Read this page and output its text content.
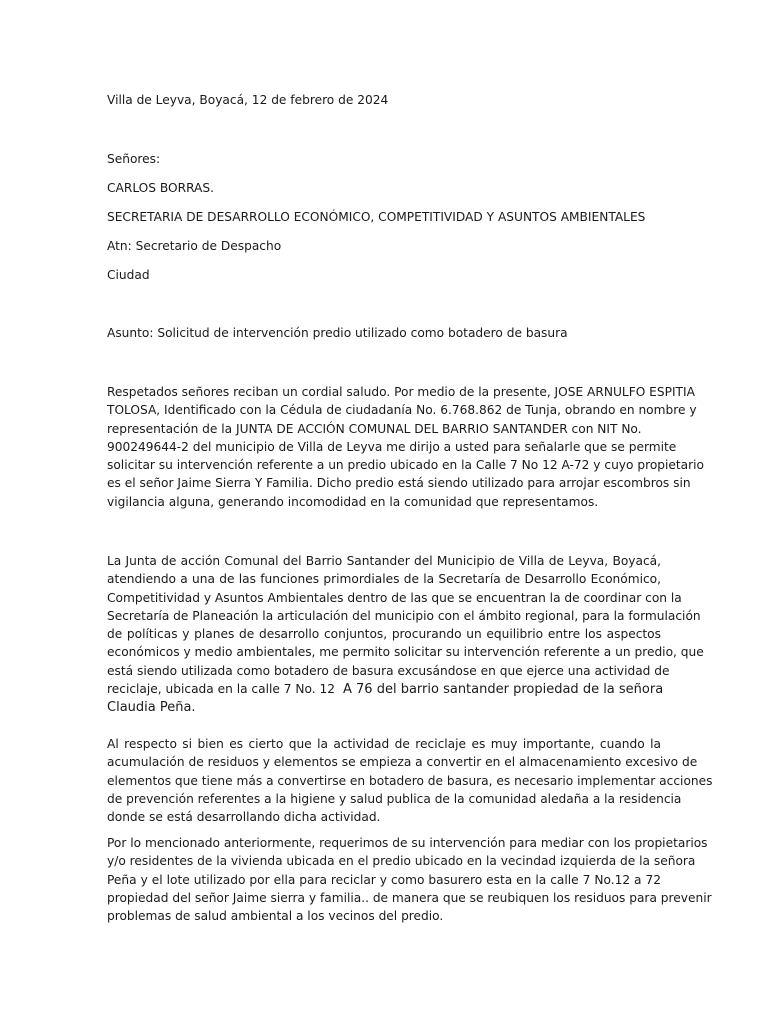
Villa de Leyva, Boyacá, 12 de febrero de 2024
Señores:
CARLOS BORRAS.
SECRETARIA DE DESARROLLO ECONÓMICO, COMPETITIVIDAD Y ASUNTOS AMBIENTALES
Atn: Secretario de Despacho
Ciudad
Asunto: Solicitud de intervención predio utilizado como botadero de basura
Respetados señores reciban un cordial saludo. Por medio de la presente, JOSE ARNULFO ESPITIA
TOLOSA, Identificado con la Cédula de ciudadanía No. 6.768.862 de Tunja, obrando en nombre y
representación de la JUNTA DE ACCIÓN COMUNAL DEL BARRIO SANTANDER con NIT No.
900249644-2 del municipio de Villa de Leyva me dirijo a usted para señalarle que se permite
solicitar su intervención referente a un predio ubicado en la Calle 7 No 12 A-72 y cuyo propietario
es el señor Jaime Sierra Y Familia. Dicho predio está siendo utilizado para arrojar escombros sin
vigilancia alguna, generando incomodidad en la comunidad que representamos.
La Junta de acción Comunal del Barrio Santander del Municipio de Villa de Leyva, Boyacá,
atendiendo a una de las funciones primordiales de la Secretaría de Desarrollo Económico,
Competitividad y Asuntos Ambientales dentro de las que se encuentran la de coordinar con la
Secretaría de Planeación la articulación del municipio con el ámbito regional, para la formulación
de políticas y planes de desarrollo conjuntos, procurando un equilibrio entre los aspectos
económicos y medio ambientales, me permito solicitar su intervención referente a un predio, que
está siendo utilizada como botadero de basura excusándose en que ejerce una actividad de
reciclaje, ubicada en la calle 7 No. 12  A 76 del barrio santander propiedad de la señora
Claudia Peña.
Al respecto si bien es cierto que la actividad de reciclaje es muy importante, cuando la
acumulación de residuos y elementos se empieza a convertir en el almacenamiento excesivo de
elementos que tiene más a convertirse en botadero de basura, es necesario implementar acciones
de prevención referentes a la higiene y salud publica de la comunidad aledaña a la residencia
donde se está desarrollando dicha actividad.
Por lo mencionado anteriormente, requerimos de su intervención para mediar con los propietarios
y/o residentes de la vivienda ubicada en el predio ubicado en la vecindad izquierda de la señora
Peña y el lote utilizado por ella para reciclar y como basurero esta en la calle 7 No.12 a 72
propiedad del señor Jaime sierra y familia.. de manera que se reubiquen los residuos para prevenir
problemas de salud ambiental a los vecinos del predio.
